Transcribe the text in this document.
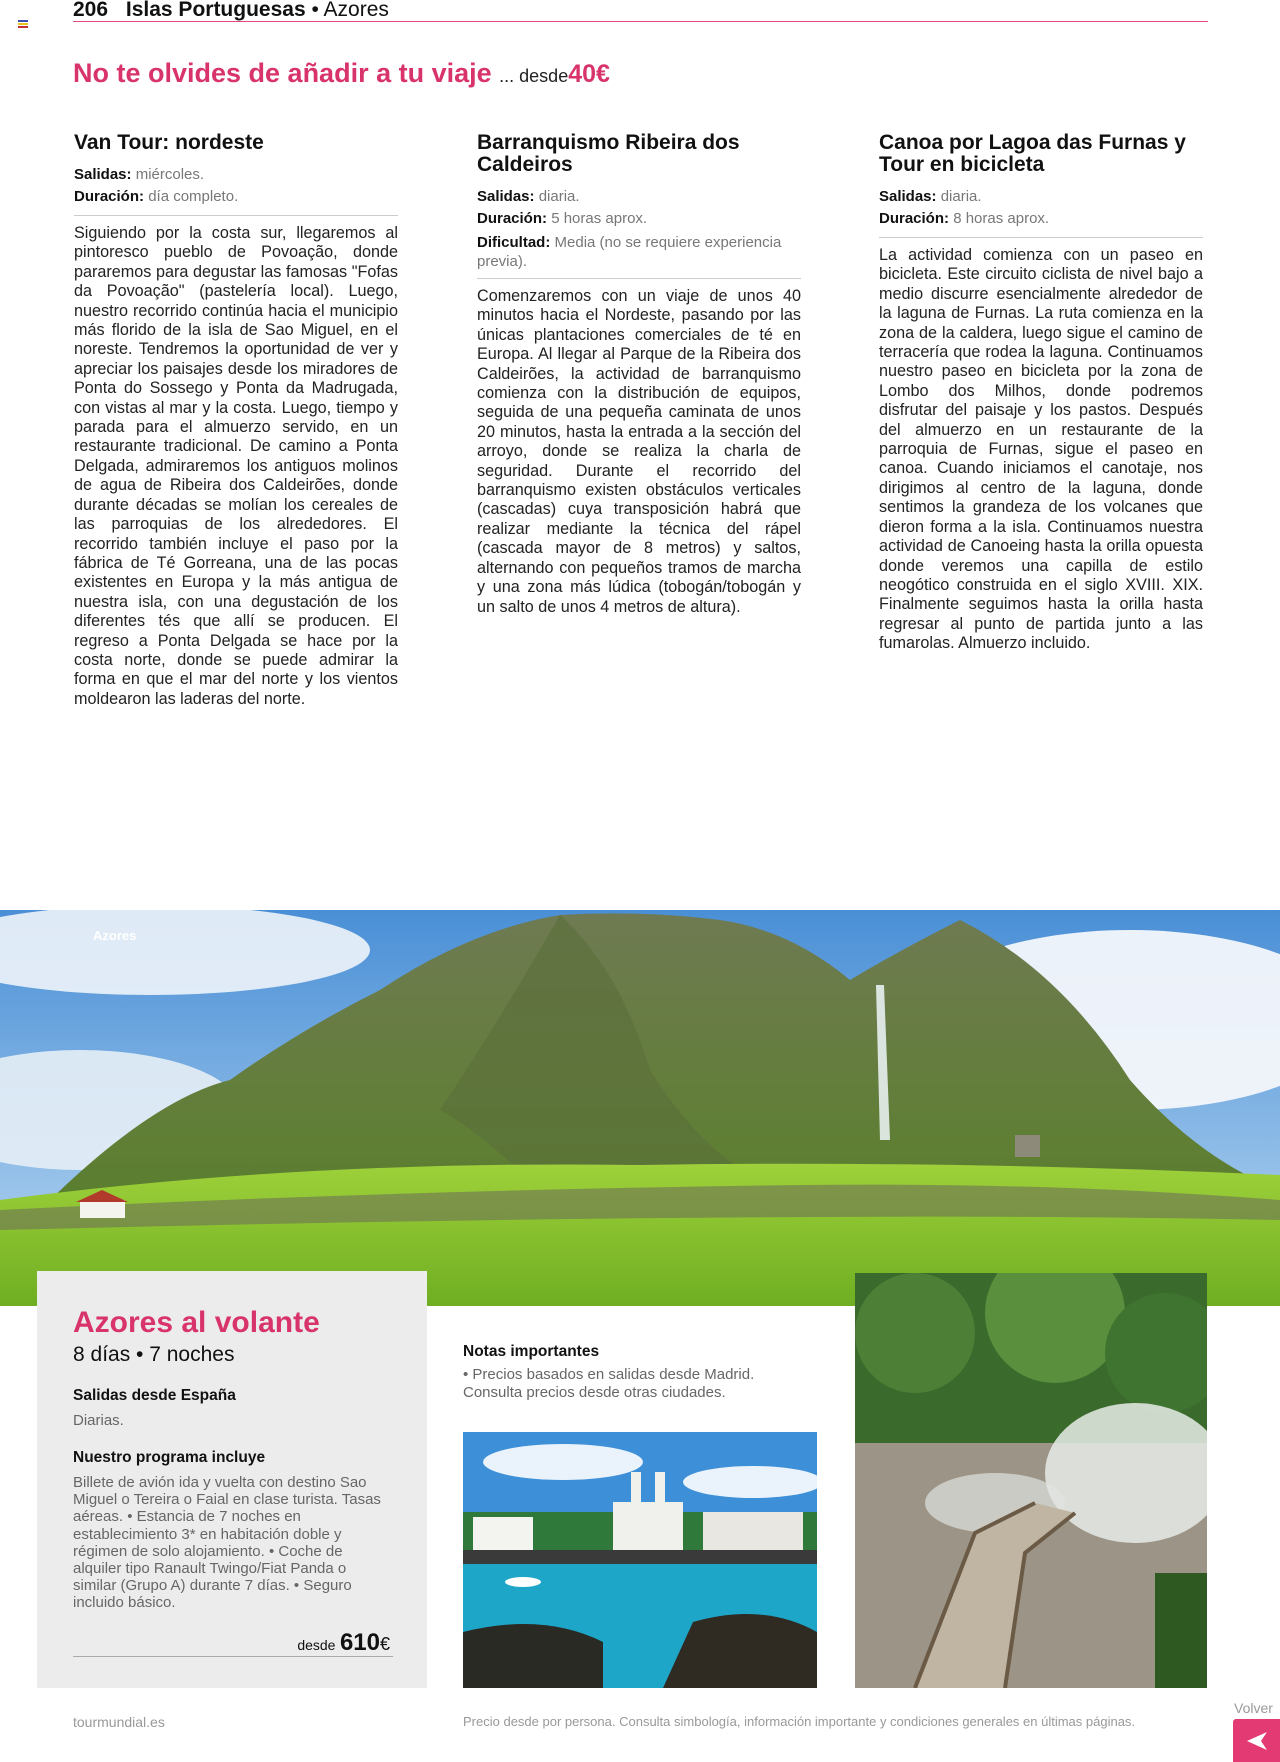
206 Islas Portuguesas • Azores
No te olvides de añadir a tu viaje ... desde40€
Van Tour: nordeste
Salidas: miércoles.
Duración: día completo.

Siguiendo por la costa sur, llegaremos al pintoresco pueblo de Povoação, donde pararemos para degustar las famosas "Fofas da Povoação" (pastelería local). Luego, nuestro recorrido continúa hacia el municipio más florido de la isla de Sao Miguel, en el noreste. Tendremos la oportunidad de ver y apreciar los paisajes desde los miradores de Ponta do Sossego y Ponta da Madrugada, con vistas al mar y la costa. Luego, tiempo y parada para el almuerzo servido, en un restaurante tradicional. De camino a Ponta Delgada, admiraremos los antiguos molinos de agua de Ribeira dos Caldeirões, donde durante décadas se molían los cereales de las parroquias de los alrededores. El recorrido también incluye el paso por la fábrica de Té Gorreana, una de las pocas existentes en Europa y la más antigua de nuestra isla, con una degustación de los diferentes tés que allí se producen. El regreso a Ponta Delgada se hace por la costa norte, donde se puede admirar la forma en que el mar del norte y los vientos moldearon las laderas del norte.

Barranquismo Ribeira dos Caldeiros
Salidas: diaria.
Duración: 5 horas aprox.
Dificultad: Media (no se requiere experiencia previa).

Comenzaremos con un viaje de unos 40 minutos hacia el Nordeste, pasando por las únicas plantaciones comerciales de té en Europa. Al llegar al Parque de la Ribeira dos Caldeirões, la actividad de barranquismo comienza con la distribución de equipos, seguida de una pequeña caminata de unos 20 minutos, hasta la entrada a la sección del arroyo, donde se realiza la charla de seguridad. Durante el recorrido del barranquismo existen obstáculos verticales (cascadas) cuya transposición habrá que realizar mediante la técnica del rápel (cascada mayor de 8 metros) y saltos, alternando con pequeños tramos de marcha y una zona más lúdica (tobogán/tobogán y un salto de unos 4 metros de altura).

Canoa por Lagoa das Furnas y Tour en bicicleta
Salidas: diaria.
Duración: 8 horas aprox.

La actividad comienza con un paseo en bicicleta. Este circuito ciclista de nivel bajo a medio discurre esencialmente alrededor de la laguna de Furnas. La ruta comienza en la zona de la caldera, luego sigue el camino de terracería que rodea la laguna. Continuamos nuestro paseo en bicicleta por la zona de Lombo dos Milhos, donde podremos disfrutar del paisaje y los pastos. Después del almuerzo en un restaurante de la parroquia de Furnas, sigue el paseo en canoa. Cuando iniciamos el canotaje, nos dirigimos al centro de la laguna, donde sentimos la grandeza de los volcanes que dieron forma a la isla. Continuamos nuestra actividad de Canoeing hasta la orilla opuesta donde veremos una capilla de estilo neogótico construida en el siglo XVIII. XIX. Finalmente seguimos hasta la orilla hasta regresar al punto de partida junto a las fumarolas. Almuerzo incluido.

Azores
Azores al volante
8 días • 7 noches
Salidas desde España
Diarias.
Nuestro programa incluye
Billete de avión ida y vuelta con destino Sao Miguel o Tereira o Faial en clase turista. Tasas aéreas. • Estancia de 7 noches en establecimiento 3* en habitación doble y régimen de solo alojamiento. • Coche de alquiler tipo Ranault Twingo/Fiat Panda o similar (Grupo A) durante 7 días. • Seguro incluido básico.
desde 610€
Notas importantes
• Precios basados en salidas desde Madrid. Consulta precios desde otras ciudades.
tourmundial.es	Precio desde por persona. Consulta simbología, información importante y condiciones generales en últimas páginas.
Volver
